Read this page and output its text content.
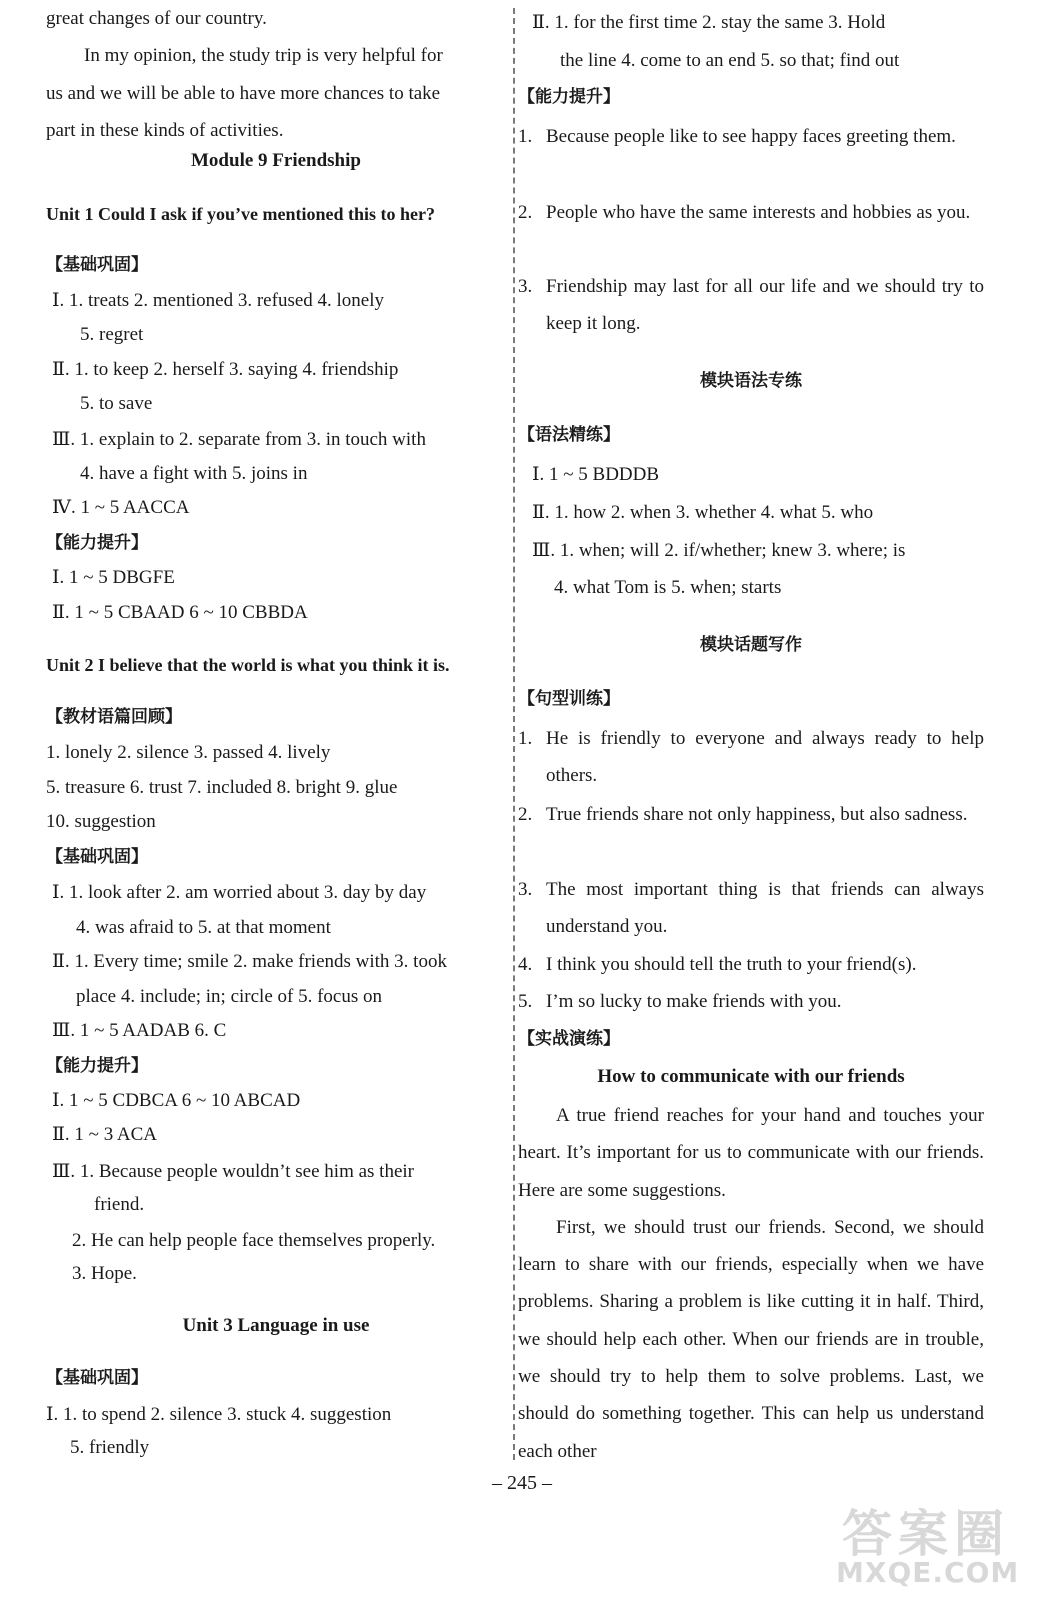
great changes of our country.

In my opinion, the study trip is very helpful for

us and we will be able to have more chances to take

part in these kinds of activities.

Module 9 Friendship
Unit 1 Could I ask if you’ve mentioned this to her?
【基础巩固】
Ⅰ. 1. treats 2. mentioned 3. refused 4. lonely
5. regret
Ⅱ. 1. to keep 2. herself 3. saying 4. friendship
5. to save
Ⅲ. 1. explain to 2. separate from 3. in touch with
4. have a fight with 5. joins in
Ⅳ. 1 ~ 5 AACCA
【能力提升】
Ⅰ. 1 ~ 5 DBGFE
Ⅱ. 1 ~ 5 CBAAD 6 ~ 10 CBBDA
Unit 2 I believe that the world is what you think it is.
【教材语篇回顾】
1. lonely 2. silence 3. passed 4. lively
5. treasure 6. trust 7. included 8. bright 9. glue
10. suggestion
【基础巩固】
Ⅰ. 1. look after 2. am worried about 3. day by day
4. was afraid to 5. at that moment
Ⅱ. 1. Every time; smile 2. make friends with 3. took
place 4. include; in; circle of 5. focus on
Ⅲ. 1 ~ 5 AADAB 6. C
【能力提升】
Ⅰ. 1 ~ 5 CDBCA 6 ~ 10 ABCAD
Ⅱ. 1 ~ 3 ACA
Ⅲ. 1. Because people wouldn’t see him as their
friend.
2. He can help people face themselves properly.
3. Hope.
Unit 3 Language in use
【基础巩固】
Ⅰ. 1. to spend 2. silence 3. stuck 4. suggestion
5. friendly
Ⅱ. 1. for the first time 2. stay the same 3. Hold
the line 4. come to an end 5. so that; find out
【能力提升】
1. Because people like to see happy faces greeting them.
2. People who have the same interests and hobbies as you.
3. Friendship may last for all our life and we should try to keep it long.
模块语法专练
【语法精练】
Ⅰ. 1 ~ 5 BDDDB
Ⅱ. 1. how 2. when 3. whether 4. what 5. who
Ⅲ. 1. when; will 2. if/whether; knew 3. where; is
4. what Tom is 5. when; starts
模块话题写作
【句型训练】
1. He is friendly to everyone and always ready to help others.
2. True friends share not only happiness, but also sadness.
3. The most important thing is that friends can always understand you.
4. I think you should tell the truth to your friend(s).
5. I’m so lucky to make friends with you.
【实战演练】
How to communicate with our friends

A true friend reaches for your hand and touches your heart. It’s important for us to communicate with our friends. Here are some suggestions.

First, we should trust our friends. Second, we should learn to share with our friends, especially when we have problems. Sharing a problem is like cutting it in half. Third, we should help each other. When our friends are in trouble, we should try to help them to solve problems. Last, we should do something together. This can help us understand each other

– 245 –
答案圈
MXQE.COM
